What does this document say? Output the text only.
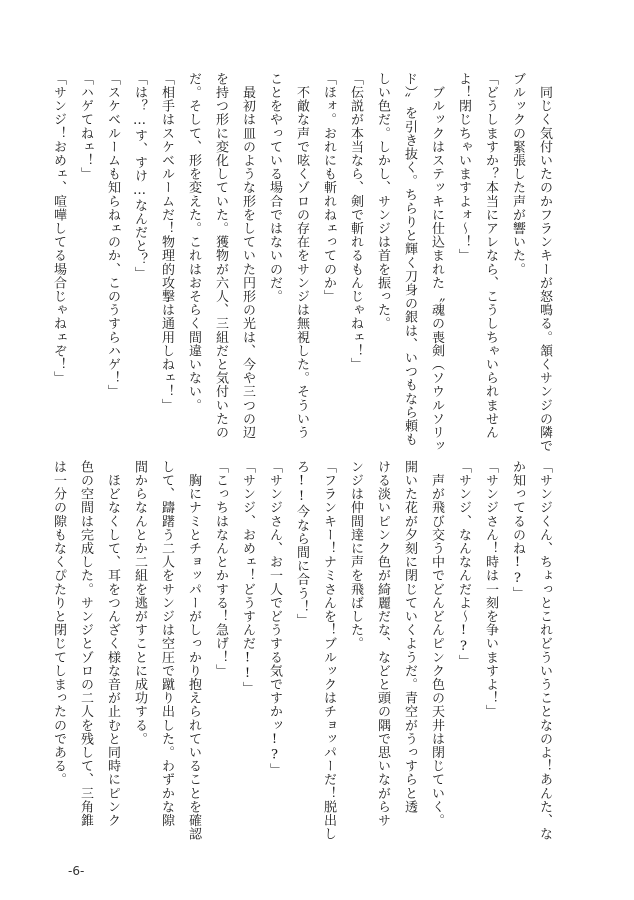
　同じく気付いたのかフランキーが怒鳴る。頷くサンジの隣で
ブルックの緊張した声が響いた。
「どうしますか？本当にアレなら、こうしちゃいられません
よ！閉じちゃいますよォ〜！」
　ブルックはステッキに仕込まれた〝魂の喪剣（ソウルソリッ
ド）〟を引き抜く。ちらりと輝く刀身の銀は、いつもなら頼も
しい色だ。しかし、サンジは首を振った。
「伝説が本当なら、剣で斬れるもんじゃねェ！」
「ほォ。おれにも斬れねェってのか」
　不敵な声で呟くゾロの存在をサンジは無視した。そういう
ことをやっている場合ではないのだ。
　最初は皿のような形をしていた円形の光は、今や三つの辺
を持つ形に変化していた。獲物が六人、三組だと気付いたの
だ。そして、形を変えた。これはおそらく間違いない。
「相手はスケベルームだ！物理的攻撃は通用しねェ！」
「は？…す、すけ…なんだと？」
「スケベルームも知らねェのか、このうすらハゲ！」
「ハゲてねェ！」
「サンジ！おめェ、喧嘩してる場合じゃねェぞ！」
「サンジくん、ちょっとこれどういうことなのよ！あんた、な
か知ってるのね!?」
「サンジさん！時は一刻を争いますよ！」
「サンジ、なんなんだよ〜!?」
　声が飛び交う中でどんどんピンク色の天井は閉じていく。
開いた花が夕刻に閉じていくようだ。青空がうっすらと透
ける淡いピンク色が綺麗だな、などと頭の隅で思いながらサ
ンジは仲間達に声を飛ばした。
「フランキー！ナミさんを！ブルックはチョッパーだ！脱出し
ろ!!今なら間に合う！」
「サンジさん、お一人でどうする気ですかッ!?」
「サンジ、おめェ！どうすんだ!!」
「こっちはなんとかする！急げ！」
　胸にナミとチョッパーがしっかり抱えられていることを確認
して、躊躇う二人をサンジは空圧で蹴り出した。わずかな隙
間からなんとか二組を逃がすことに成功する。
　ほどなくして、耳をつんざく様な音が止むと同時にピンク
色の空間は完成した。サンジとゾロの二人を残して、三角錐
は一分の隙もなくぴたりと閉じてしまったのである。
-6-
